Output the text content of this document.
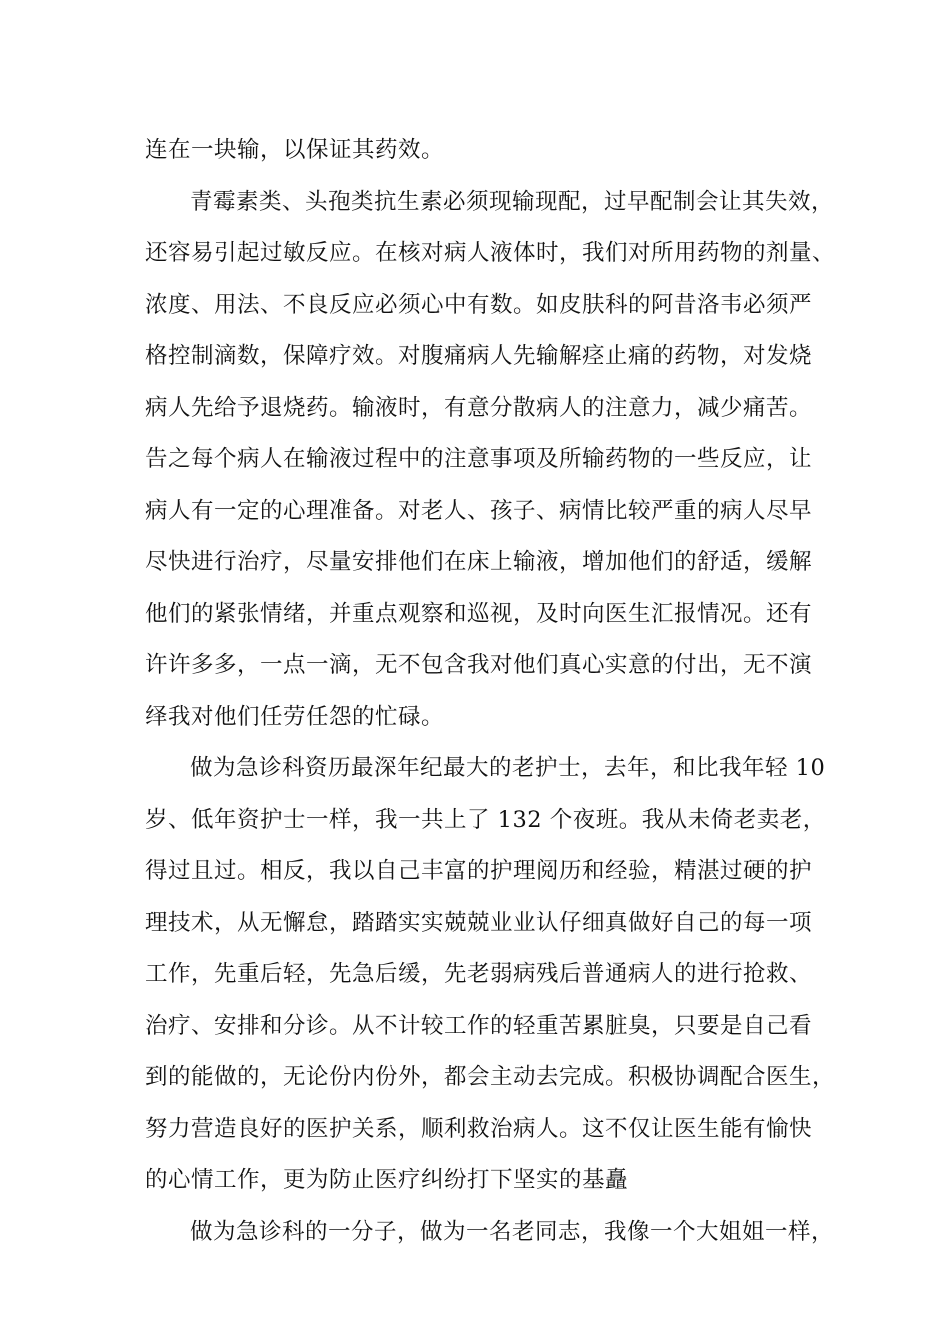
连在一块输，以保证其药效。
青霉素类、头孢类抗生素必须现输现配，过早配制会让其失效，
还容易引起过敏反应。在核对病人液体时，我们对所用药物的剂量、
浓度、用法、不良反应必须心中有数。如皮肤科的阿昔洛韦必须严
格控制滴数，保障疗效。对腹痛病人先输解痉止痛的药物，对发烧
病人先给予退烧药。输液时，有意分散病人的注意力，减少痛苦。
告之每个病人在输液过程中的注意事项及所输药物的一些反应，让
病人有一定的心理准备。对老人、孩子、病情比较严重的病人尽早
尽快进行治疗，尽量安排他们在床上输液，增加他们的舒适，缓解
他们的紧张情绪，并重点观察和巡视，及时向医生汇报情况。还有
许许多多，一点一滴，无不包含我对他们真心实意的付出，无不演
绎我对他们任劳任怨的忙碌。
做为急诊科资历最深年纪最大的老护士，去年，和比我年轻 10
岁、低年资护士一样，我一共上了 132 个夜班。我从未倚老卖老，
得过且过。相反，我以自己丰富的护理阅历和经验，精湛过硬的护
理技术，从无懈怠，踏踏实实兢兢业业认仔细真做好自己的每一项
工作，先重后轻，先急后缓，先老弱病残后普通病人的进行抢救、
治疗、安排和分诊。从不计较工作的轻重苦累脏臭，只要是自己看
到的能做的，无论份内份外，都会主动去完成。积极协调配合医生，
努力营造良好的医护关系，顺利救治病人。这不仅让医生能有愉快
的心情工作，更为防止医疗纠纷打下坚实的基矗
做为急诊科的一分子，做为一名老同志，我像一个大姐姐一样，
